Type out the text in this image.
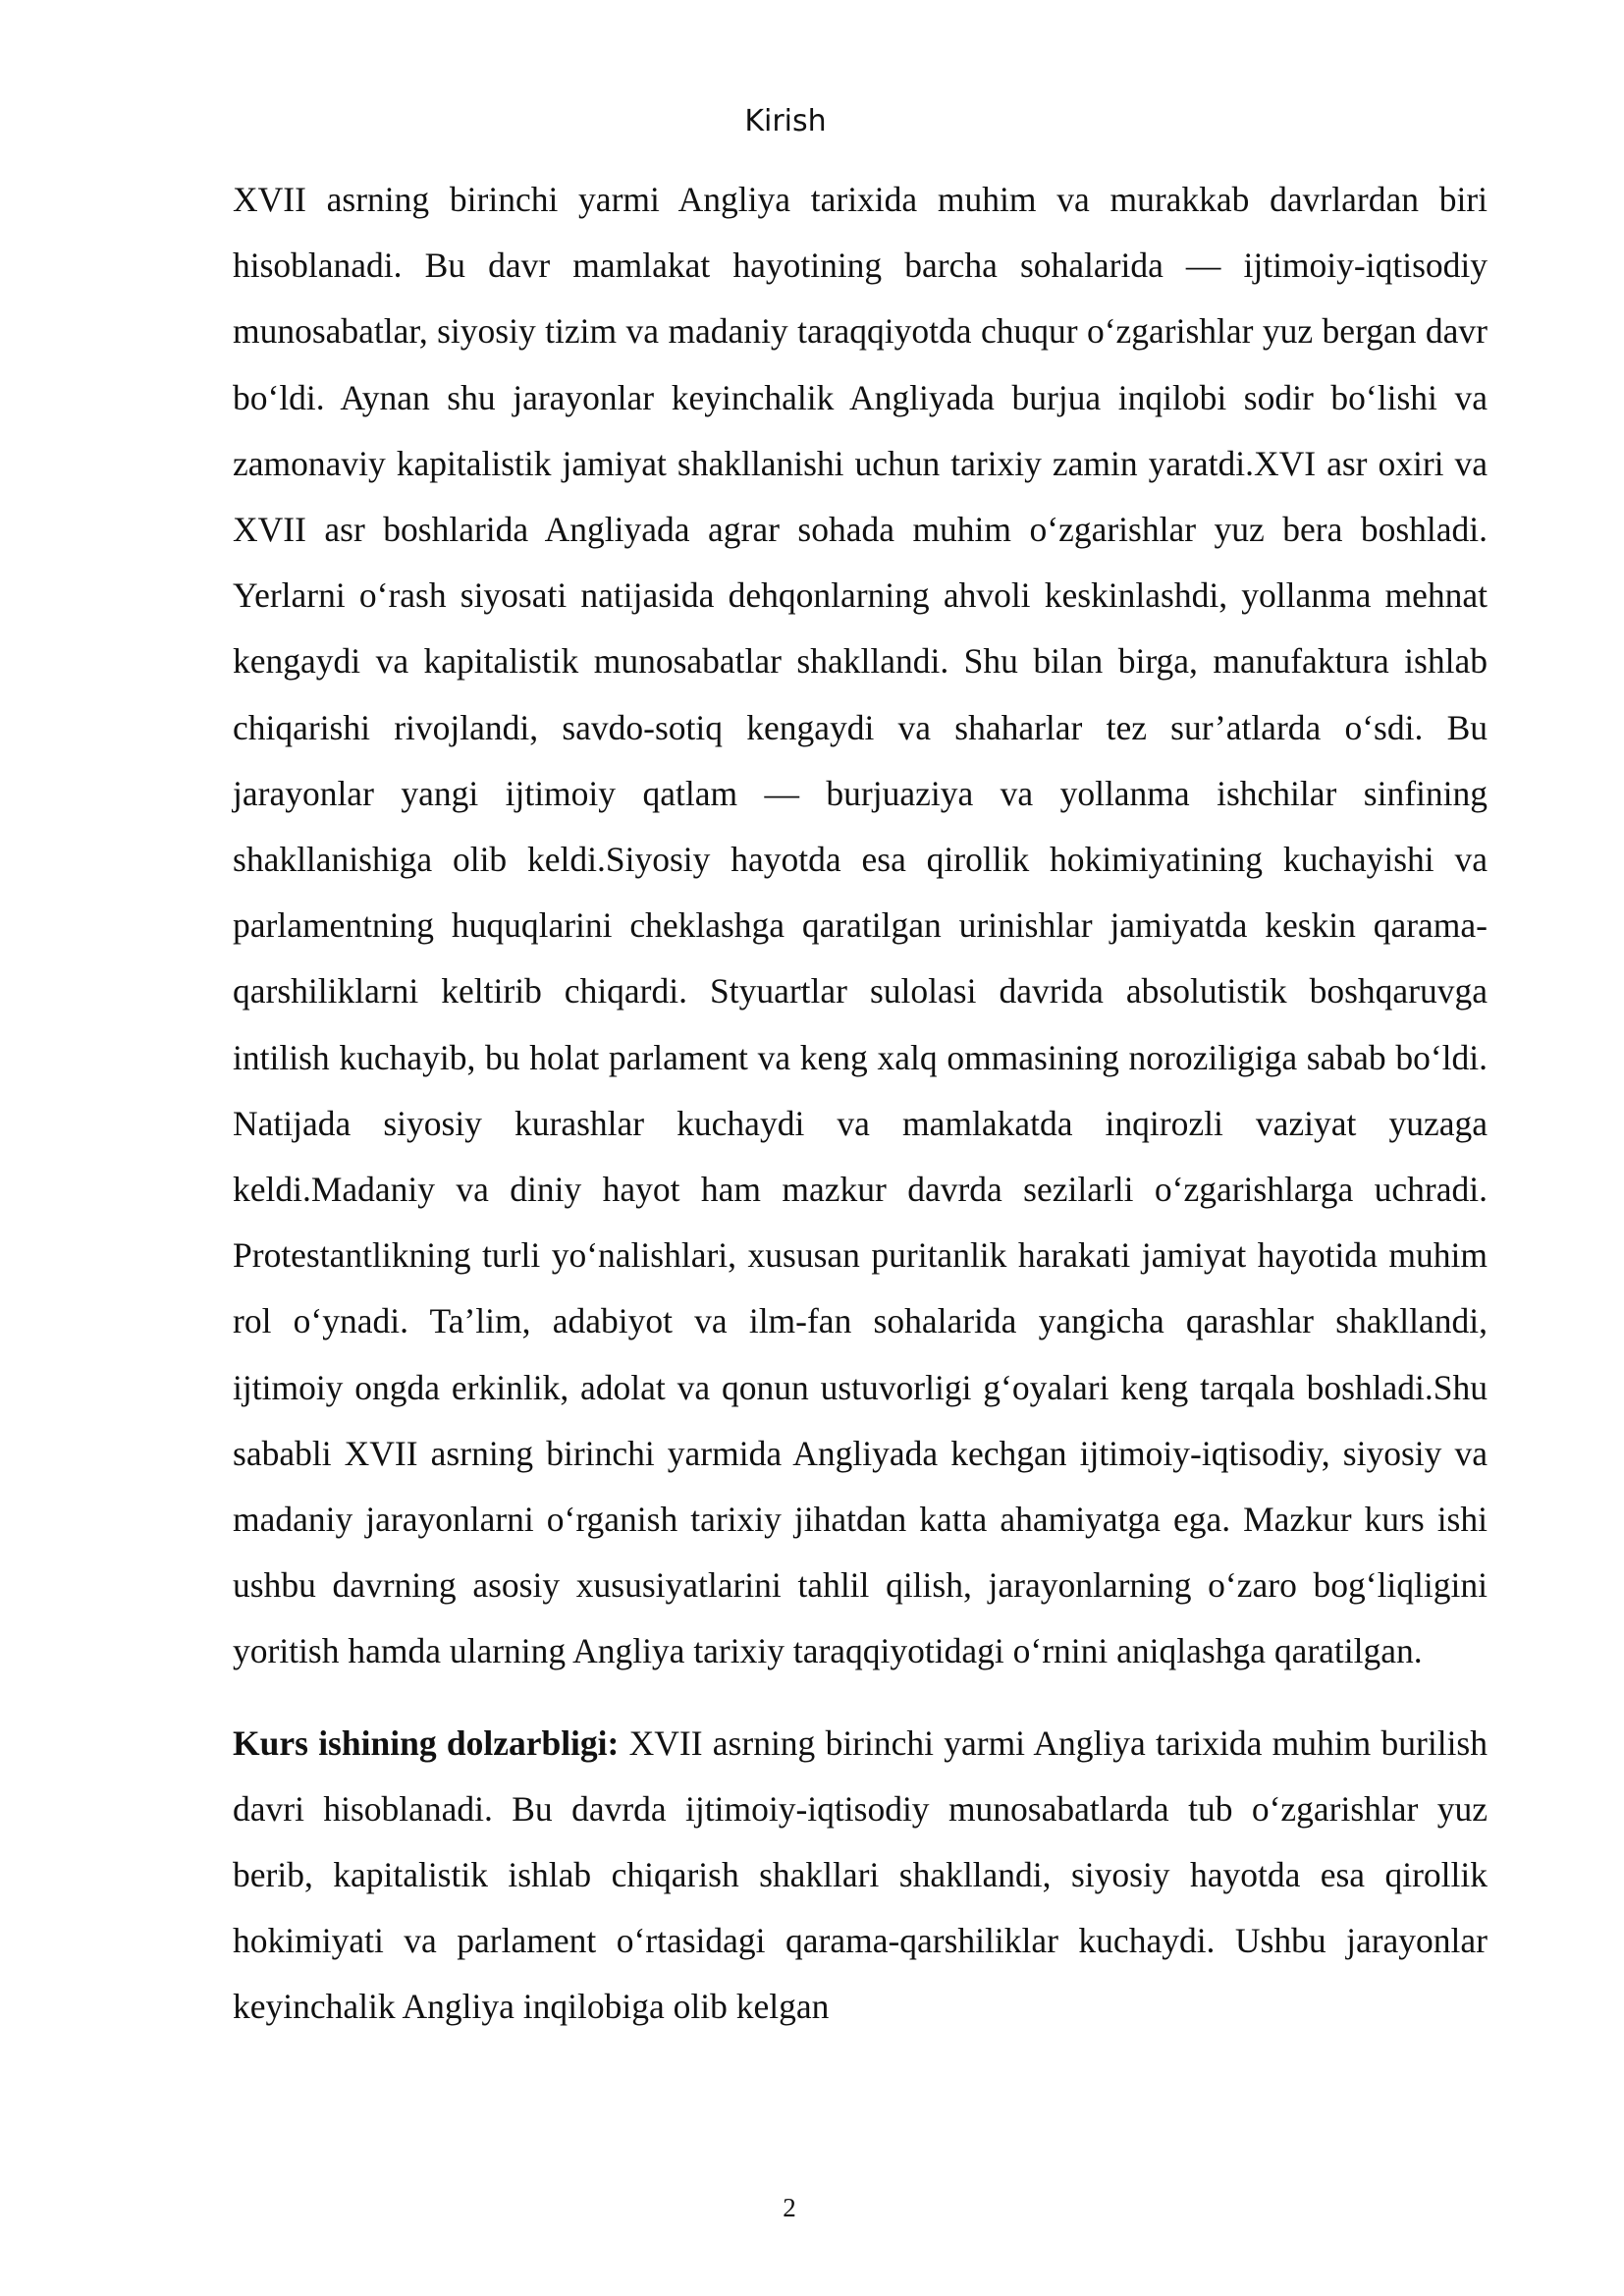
Kirish

XVII asrning birinchi yarmi Angliya tarixida muhim va murakkab davrlardan biri hisoblanadi. Bu davr mamlakat hayotining barcha sohalarida — ijtimoiy-iqtisodiy munosabatlar, siyosiy tizim va madaniy taraqqiyotda chuqur oʻzgarishlar yuz bergan davr boʻldi. Aynan shu jarayonlar keyinchalik Angliyada burjua inqilobi sodir boʻlishi va zamonaviy kapitalistik jamiyat shakllanishi uchun tarixiy zamin yaratdi.XVI asr oxiri va XVII asr boshlarida Angliyada agrar sohada muhim oʻzgarishlar yuz bera boshladi. Yerlarni oʻrash siyosati natijasida dehqonlarning ahvoli keskinlashdi, yollanma mehnat kengaydi va kapitalistik munosabatlar shakllandi. Shu bilan birga, manufaktura ishlab chiqarishi rivojlandi, savdo-sotiq kengaydi va shaharlar tez sur’atlarda oʻsdi. Bu jarayonlar yangi ijtimoiy qatlam — burjuaziya va yollanma ishchilar sinfining shakllanishiga olib keldi.Siyosiy hayotda esa qirollik hokimiyatining kuchayishi va parlamentning huquqlarini cheklashga qaratilgan urinishlar jamiyatda keskin qarama-qarshiliklarni keltirib chiqardi. Styuartlar sulolasi davrida absolutistik boshqaruvga intilish kuchayib, bu holat parlament va keng xalq ommasining noroziligiga sabab boʻldi. Natijada siyosiy kurashlar kuchaydi va mamlakatda inqirozli vaziyat yuzaga keldi.Madaniy va diniy hayot ham mazkur davrda sezilarli oʻzgarishlarga uchradi. Protestantlikning turli yoʻnalishlari, xususan puritanlik harakati jamiyat hayotida muhim rol oʻynadi. Ta’lim, adabiyot va ilm-fan sohalarida yangicha qarashlar shakllandi, ijtimoiy ongda erkinlik, adolat va qonun ustuvorligi gʻoyalari keng tarqala boshladi.Shu sababli XVII asrning birinchi yarmida Angliyada kechgan ijtimoiy-iqtisodiy, siyosiy va madaniy jarayonlarni oʻrganish tarixiy jihatdan katta ahamiyatga ega. Mazkur kurs ishi ushbu davrning asosiy xususiyatlarini tahlil qilish, jarayonlarning oʻzaro bogʻliqligini yoritish hamda ularning Angliya tarixiy taraqqiyotidagi oʻrnini aniqlashga qaratilgan.

Kurs ishining dolzarbligi: XVII asrning birinchi yarmi Angliya tarixida muhim burilish davri hisoblanadi. Bu davrda ijtimoiy-iqtisodiy munosabatlarda tub oʻzgarishlar yuz berib, kapitalistik ishlab chiqarish shakllari shakllandi, siyosiy hayotda esa qirollik hokimiyati va parlament oʻrtasidagi qarama-qarshiliklar kuchaydi. Ushbu jarayonlar keyinchalik Angliya inqilobiga olib kelgan

2
